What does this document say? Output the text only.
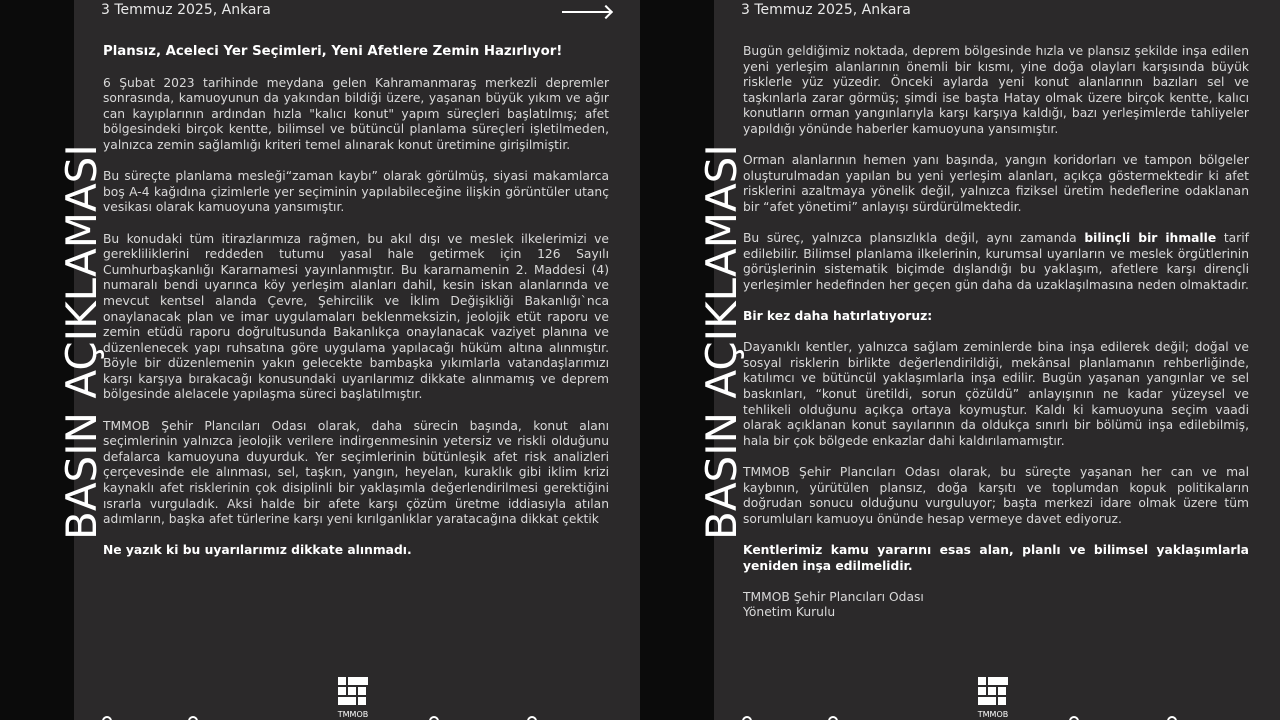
3 Temmuz 2025, Ankara

Plansız, Aceleci Yer Seçimleri, Yeni Afetlere Zemin Hazırlıyor!

6 Şubat 2023 tarihinde meydana gelen Kahramanmaraş merkezli depremler sonrasında, kamuoyunun da yakından bildiği üzere, yaşanan büyük yıkım ve ağır can kayıplarının ardından hızla "kalıcı konut" yapım süreçleri başlatılmış; afet bölgesindeki birçok kentte, bilimsel ve bütüncül planlama süreçleri işletilmeden, yalnızca zemin sağlamlığı kriteri temel alınarak konut üretimine girişilmiştir.

Bu süreçte planlama mesleği“zaman kaybı” olarak görülmüş, siyasi makamlarca boş A-4 kağıdına çizimlerle yer seçiminin yapılabileceğine ilişkin görüntüler utanç vesikası olarak kamuoyuna yansımıştır.

Bu konudaki tüm itirazlarımıza rağmen, bu akıl dışı ve meslek ilkelerimizi ve gerekliliklerini reddeden tutumu yasal hale getirmek için 126 Sayılı Cumhurbaşkanlığı Kararnamesi yayınlanmıştır. Bu kararnamenin 2. Maddesi (4) numaralı bendi uyarınca köy yerleşim alanları dahil, kesin iskan alanlarında ve mevcut kentsel alanda Çevre, Şehircilik ve İklim Değişikliği Bakanlığı`nca onaylanacak plan ve imar uygulamaları beklenmeksizin, jeolojik etüt raporu ve zemin etüdü raporu doğrultusunda Bakanlıkça onaylanacak vaziyet planına ve düzenlenecek yapı ruhsatına göre uygulama yapılacağı hüküm altına alınmıştır. Böyle bir düzenlemenin yakın gelecekte bambaşka yıkımlarla vatandaşlarımızı karşı karşıya bırakacağı konusundaki uyarılarımız dikkate alınmamış ve deprem bölgesinde alelacele yapılaşma süreci başlatılmıştır.

TMMOB Şehir Plancıları Odası olarak, daha sürecin başında, konut alanı seçimlerinin yalnızca jeolojik verilere indirgenmesinin yetersiz ve riskli olduğunu defalarca kamuoyuna duyurduk. Yer seçimlerinin bütünleşik afet risk analizleri çerçevesinde ele alınması, sel, taşkın, yangın, heyelan, kuraklık gibi iklim krizi kaynaklı afet risklerinin çok disiplinli bir yaklaşımla değerlendirilmesi gerektiğini ısrarla vurguladık. Aksi halde bir afete karşı çözüm üretme iddiasıyla atılan adımların, başka afet türlerine karşı yeni kırılganlıklar yaratacağına dikkat çektik

Ne yazık ki bu uyarılarımız dikkate alınmadı.

TMMOB
3 Temmuz 2025, Ankara

Bugün geldiğimiz noktada, deprem bölgesinde hızla ve plansız şekilde inşa edilen yeni yerleşim alanlarının önemli bir kısmı, yine doğa olayları karşısında büyük risklerle yüz yüzedir. Önceki aylarda yeni konut alanlarının bazıları sel ve taşkınlarla zarar görmüş; şimdi ise başta Hatay olmak üzere birçok kentte, kalıcı konutların orman yangınlarıyla karşı karşıya kaldığı, bazı yerleşimlerde tahliyeler yapıldığı yönünde haberler kamuoyuna yansımıştır.

Orman alanlarının hemen yanı başında, yangın koridorları ve tampon bölgeler oluşturulmadan yapılan bu yeni yerleşim alanları, açıkça göstermektedir ki afet risklerini azaltmaya yönelik değil, yalnızca fiziksel üretim hedeflerine odaklanan bir “afet yönetimi” anlayışı sürdürülmektedir.

Bu süreç, yalnızca plansızlıkla değil, aynı zamanda bilinçli bir ihmalle tarif edilebilir. Bilimsel planlama ilkelerinin, kurumsal uyarıların ve meslek örgütlerinin görüşlerinin sistematik biçimde dışlandığı bu yaklaşım, afetlere karşı dirençli yerleşimler hedefinden her geçen gün daha da uzaklaşılmasına neden olmaktadır.

Bir kez daha hatırlatıyoruz:

Dayanıklı kentler, yalnızca sağlam zeminlerde bina inşa edilerek değil; doğal ve sosyal risklerin birlikte değerlendirildiği, mekânsal planlamanın rehberliğinde, katılımcı ve bütüncül yaklaşımlarla inşa edilir. Bugün yaşanan yangınlar ve sel baskınları, “konut üretildi, sorun çözüldü” anlayışının ne kadar yüzeysel ve tehlikeli olduğunu açıkça ortaya koymuştur. Kaldı ki kamuoyuna seçim vaadi olarak açıklanan konut sayılarının da oldukça sınırlı bir bölümü inşa edilebilmiş, hala bir çok bölgede enkazlar dahi kaldırılamamıştır.

TMMOB Şehir Plancıları Odası olarak, bu süreçte yaşanan her can ve mal kaybının, yürütülen plansız, doğa karşıtı ve toplumdan kopuk politikaların doğrudan sonucu olduğunu vurguluyor; başta merkezi idare olmak üzere tüm sorumluları kamuoyu önünde hesap vermeye davet ediyoruz.

Kentlerimiz kamu yararını esas alan, planlı ve bilimsel yaklaşımlarla yeniden inşa edilmelidir.

TMMOB Şehir Plancıları Odası
Yönetim Kurulu
TMMOB
BASIN AÇIKLAMASI	BASIN AÇIKLAMASI
